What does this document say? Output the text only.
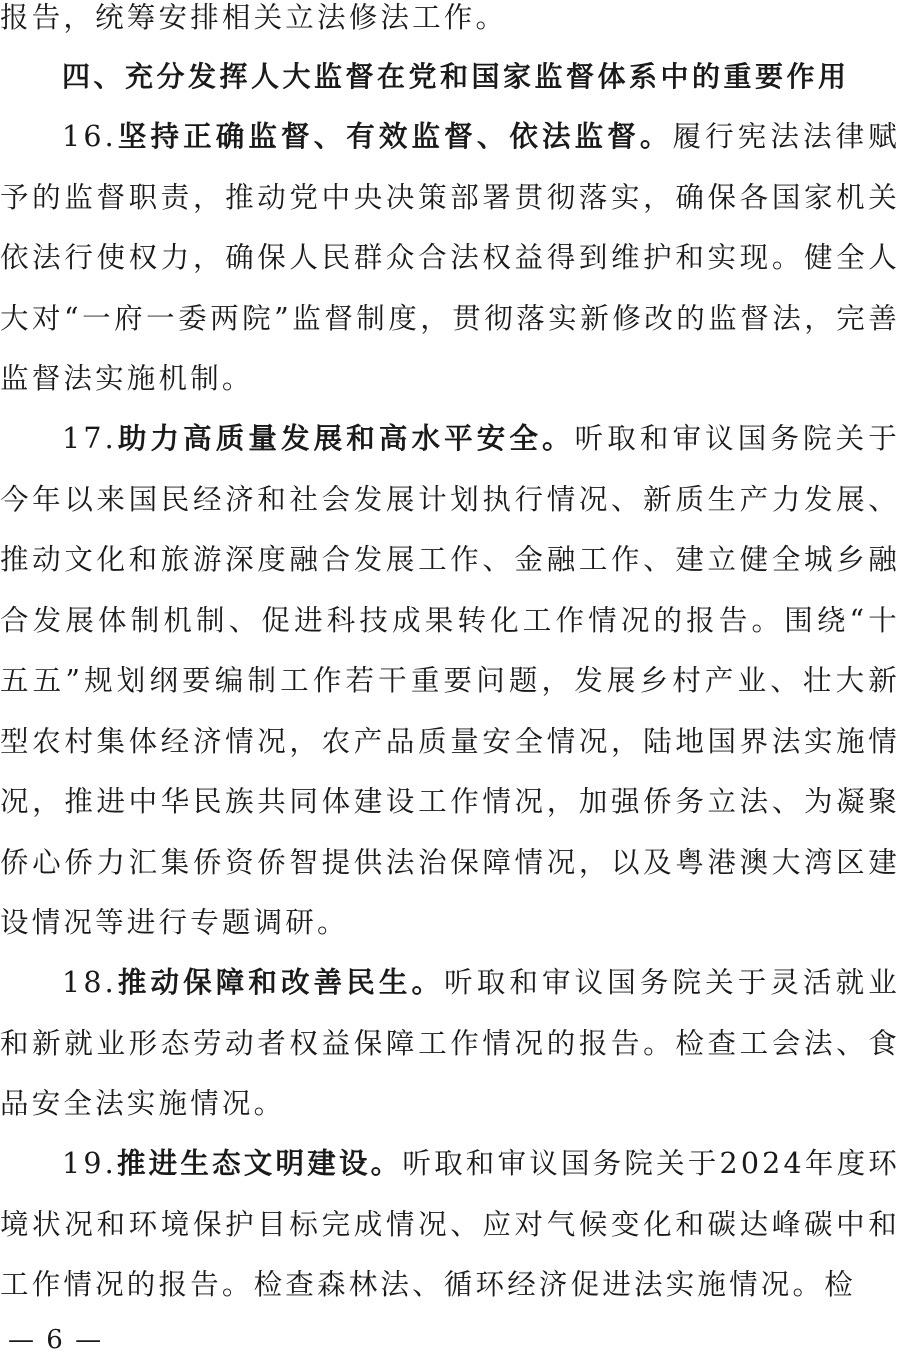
报告，统筹安排相关立法修法工作。

四、充分发挥人大监督在党和国家监督体系中的重要作用

16.坚持正确监督、有效监督、依法监督。履行宪法法律赋予的监督职责，推动党中央决策部署贯彻落实，确保各国家机关依法行使权力，确保人民群众合法权益得到维护和实现。健全人大对“一府一委两院”监督制度，贯彻落实新修改的监督法，完善监督法实施机制。

17.助力高质量发展和高水平安全。听取和审议国务院关于今年以来国民经济和社会发展计划执行情况、新质生产力发展、推动文化和旅游深度融合发展工作、金融工作、建立健全城乡融合发展体制机制、促进科技成果转化工作情况的报告。围绕“十五五”规划纲要编制工作若干重要问题，发展乡村产业、壮大新型农村集体经济情况，农产品质量安全情况，陆地国界法实施情况，推进中华民族共同体建设工作情况，加强侨务立法、为凝聚侨心侨力汇集侨资侨智提供法治保障情况，以及粤港澳大湾区建设情况等进行专题调研。

18.推动保障和改善民生。听取和审议国务院关于灵活就业和新就业形态劳动者权益保障工作情况的报告。检查工会法、食品安全法实施情况。

19.推进生态文明建设。听取和审议国务院关于2024年度环境状况和环境保护目标完成情况、应对气候变化和碳达峰碳中和工作情况的报告。检查森林法、循环经济促进法实施情况。检

— 6 —
